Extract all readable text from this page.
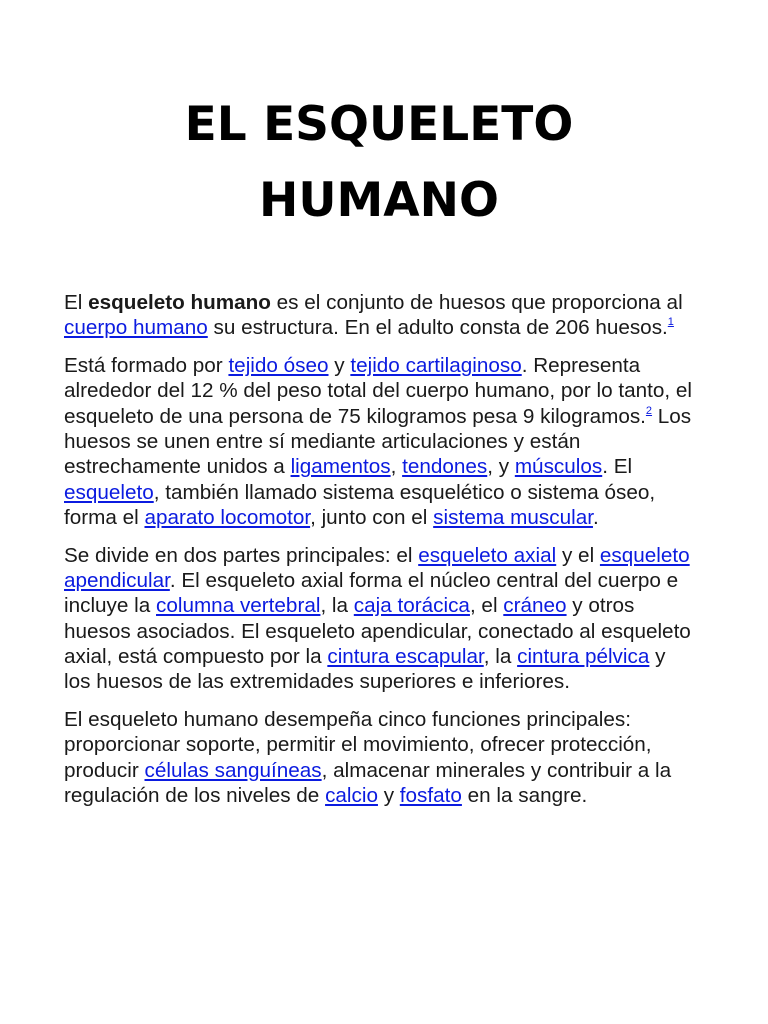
EL ESQUELETO HUMANO

El esqueleto humano es el conjunto de huesos que proporciona al cuerpo humano su estructura. En el adulto consta de 206 huesos.$^1$

Está formado por tejido óseo y tejido cartilaginoso. Representa alrededor del 12 % del peso total del cuerpo humano, por lo tanto, el esqueleto de una persona de 75 kilogramos pesa 9 kilogramos.$^2$ Los huesos se unen entre sí mediante articulaciones y están estrechamente unidos a ligamentos, tendones, y músculos. El esqueleto, también llamado sistema esquelético o sistema óseo, forma el aparato locomotor, junto con el sistema muscular.

Se divide en dos partes principales: el esqueleto axial y el esqueleto apendicular. El esqueleto axial forma el núcleo central del cuerpo e incluye la columna vertebral, la caja torácica, el cráneo y otros huesos asociados. El esqueleto apendicular, conectado al esqueleto axial, está compuesto por la cintura escapular, la cintura pélvica y los huesos de las extremidades superiores e inferiores.

El esqueleto humano desempeña cinco funciones principales: proporcionar soporte, permitir el movimiento, ofrecer protección, producir células sanguíneas, almacenar minerales y contribuir a la regulación de los niveles de calcio y fosfato en la sangre.
